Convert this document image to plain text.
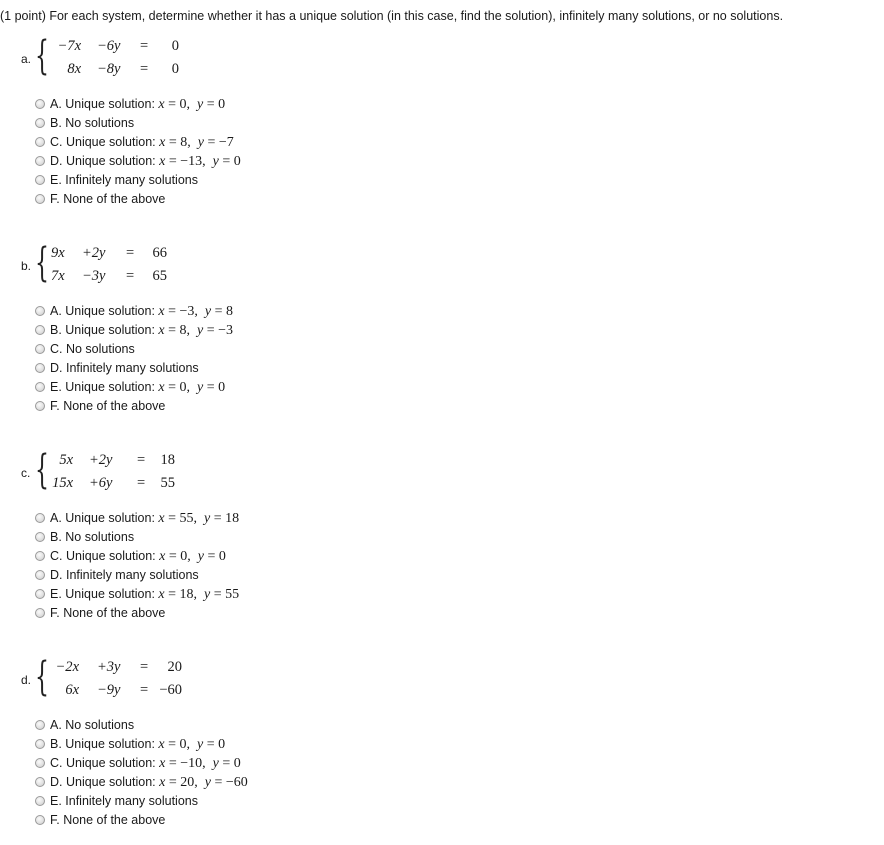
(1 point) For each system, determine whether it has a unique solution (in this case, find the solution), infinitely many solutions, or no solutions.
a. { −7x −6y = 0
8x −8y = 0
A. Unique solution: x = 0,  y = 0
B. No solutions
C. Unique solution: x = 8,  y = −7
D. Unique solution: x = −13,  y = 0
E. Infinitely many solutions
F. None of the above
b. { 9x +2y = 66
7x −3y = 65
A. Unique solution: x = −3,  y = 8
B. Unique solution: x = 8,  y = −3
C. No solutions
D. Infinitely many solutions
E. Unique solution: x = 0,  y = 0
F. None of the above
c. { 5x +2y = 18
15x +6y = 55
A. Unique solution: x = 55,  y = 18
B. No solutions
C. Unique solution: x = 0,  y = 0
D. Infinitely many solutions
E. Unique solution: x = 18,  y = 55
F. None of the above
d. { −2x +3y = 20
6x −9y = −60
A. No solutions
B. Unique solution: x = 0,  y = 0
C. Unique solution: x = −10,  y = 0
D. Unique solution: x = 20,  y = −60
E. Infinitely many solutions
F. None of the above
